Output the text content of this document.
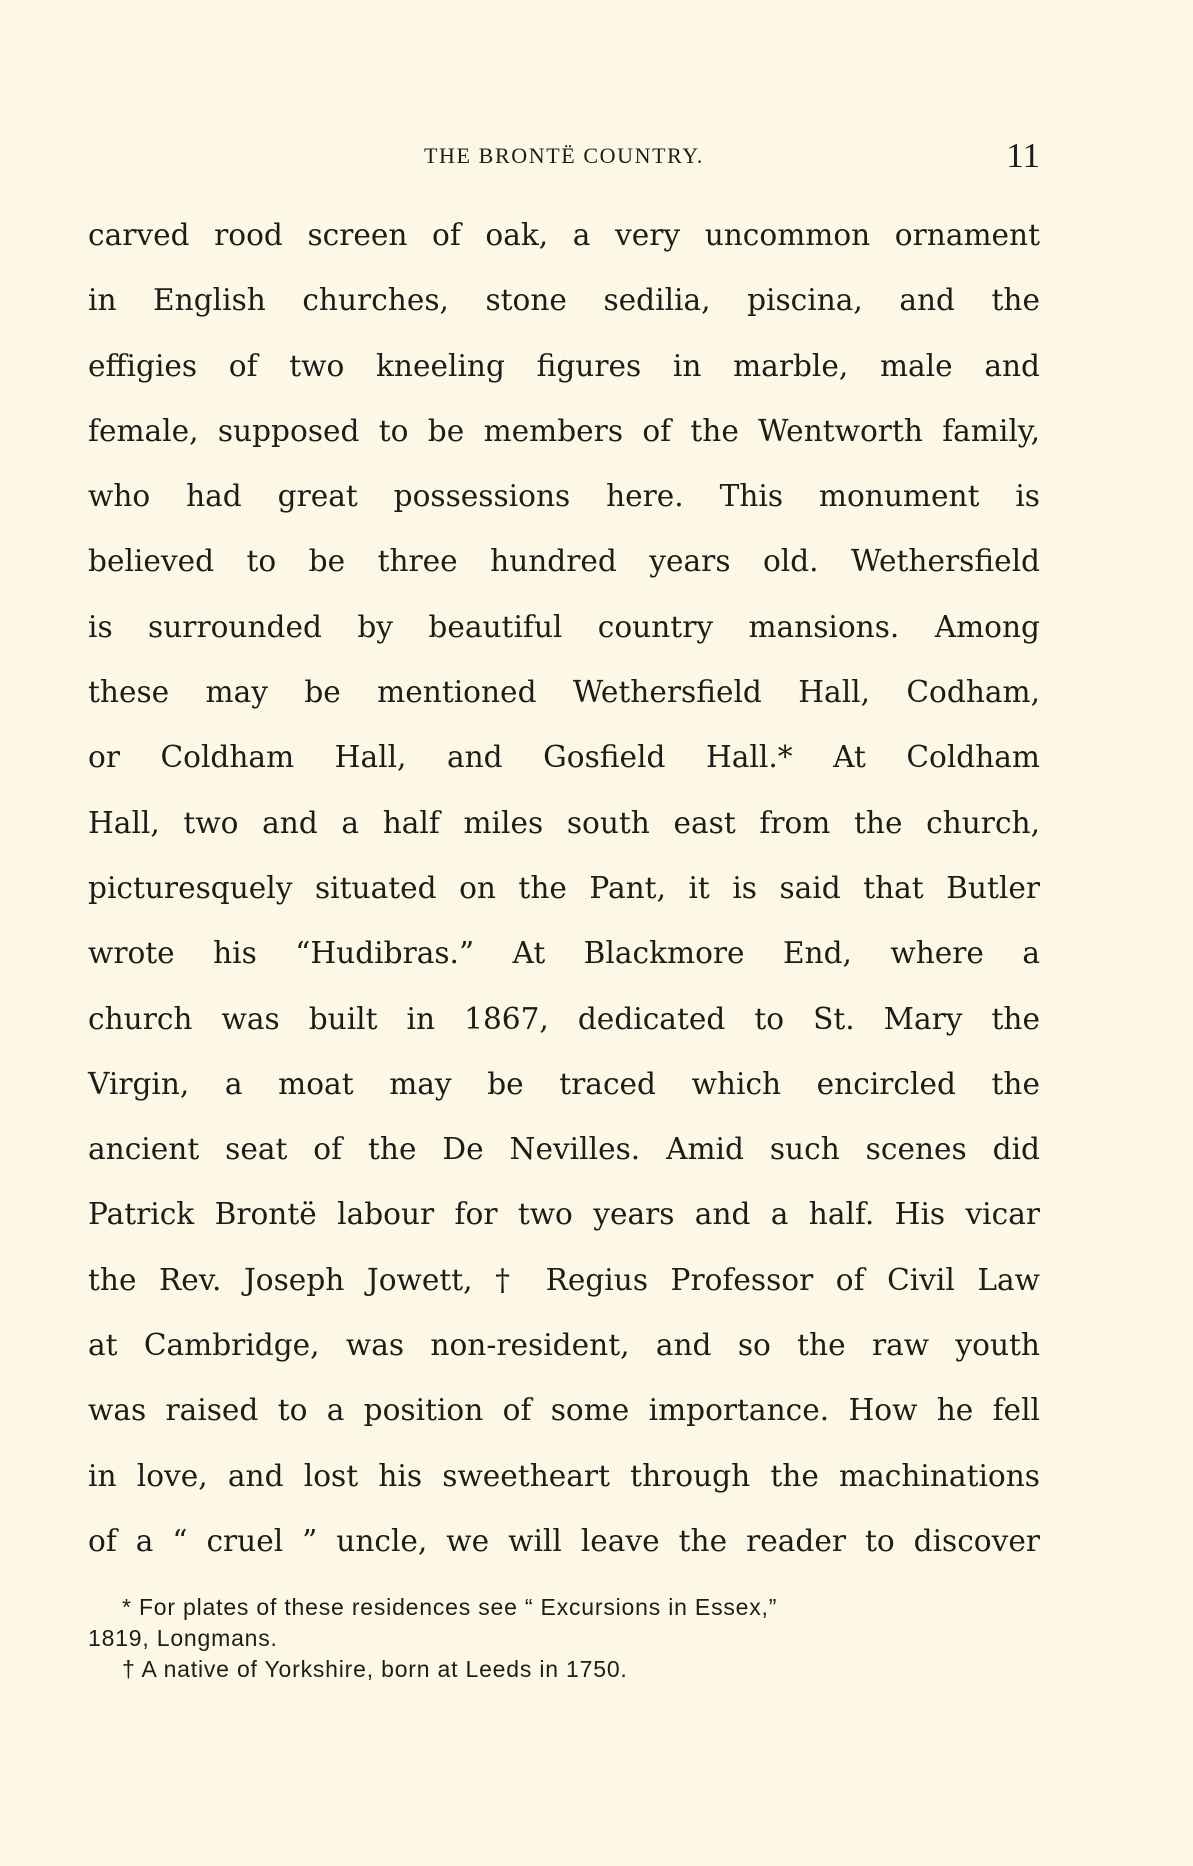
THE BRONTË COUNTRY.	11
carved rood screen of oak, a very uncommon ornament
in English churches, stone sedilia, piscina, and the
effigies of two kneeling figures in marble, male and
female, supposed to be members of the Wentworth family,
who had great possessions here. This monument is
believed to be three hundred years old. Wethersfield
is surrounded by beautiful country mansions. Among
these may be mentioned Wethersfield Hall, Codham,
or Coldham Hall, and Gosfield Hall.* At Coldham
Hall, two and a half miles south east from the church,
picturesquely situated on the Pant, it is said that Butler
wrote his “Hudibras.” At Blackmore End, where a
church was built in 1867, dedicated to St. Mary the
Virgin, a moat may be traced which encircled the
ancient seat of the De Nevilles. Amid such scenes did
Patrick Brontë labour for two years and a half. His vicar
the Rev. Joseph Jowett, † Regius Professor of Civil Law
at Cambridge, was non-resident, and so the raw youth
was raised to a position of some importance. How he fell
in love, and lost his sweetheart through the machinations
of a “ cruel ” uncle, we will leave the reader to discover
* For plates of these residences see “ Excursions in Essex,”
1819, Longmans.
† A native of Yorkshire, born at Leeds in 1750.
